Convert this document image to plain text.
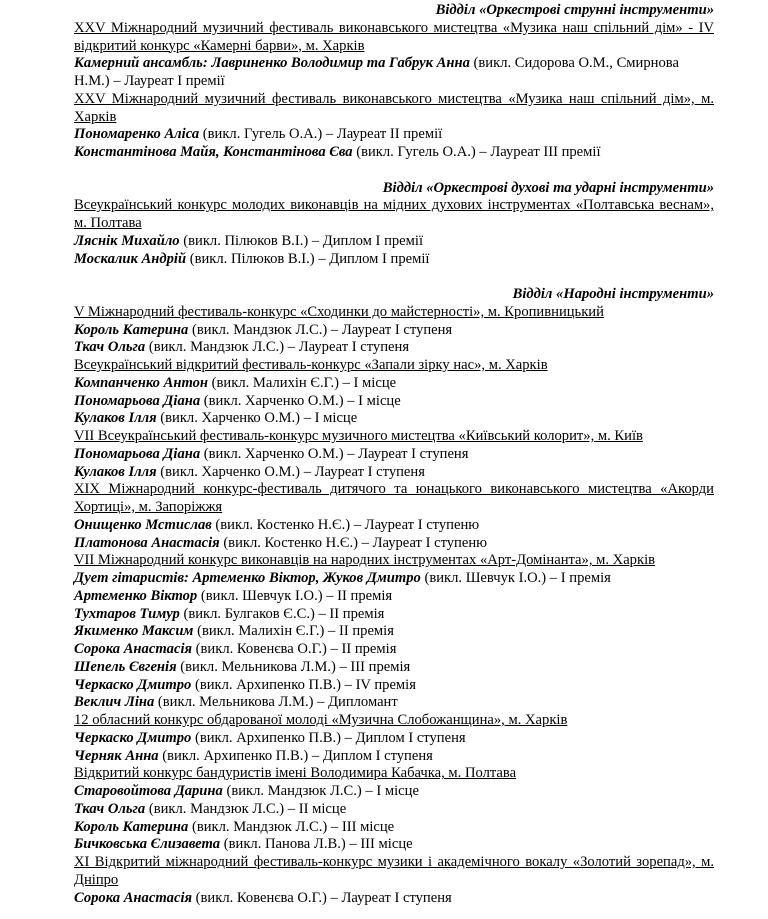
Відділ «Оркестрові струнні інструменти»

XXV Міжнародний музичний фестиваль виконавського мистецтва «Музика наш спільний дім» - IV відкритий конкурс «Камерні барви», м. Харків

Камерний ансамбль: Лавриненко Володимир та Габрук Анна (викл. Сидорова О.М., Смирнова Н.М.) – Лауреат І премії

XXV Міжнародний музичний фестиваль виконавського мистецтва «Музика наш спільний дім», м. Харків

Пономаренко Аліса (викл. Гугель О.А.) – Лауреат ІІ премії

Константінова Майя, Константінова Єва (викл. Гугель О.А.) – Лауреат ІІІ премії

Відділ «Оркестрові духові та ударні інструменти»

Всеукраїнський конкурс молодих виконавців на мідних духових інструментах «Полтавська веснам», м. Полтава

Ляснік Михайло (викл. Пілюков В.І.) – Диплом І премії

Москалик Андрій (викл. Пілюков В.І.) – Диплом І премії

Відділ «Народні інструменти»

V Міжнародний фестиваль-конкурс «Сходинки до майстерності», м. Кропивницький

Король Катерина (викл. Мандзюк Л.С.) – Лауреат І ступеня

Ткач Ольга (викл. Мандзюк Л.С.) – Лауреат І ступеня

Всеукраїнський відкритий фестиваль-конкурс «Запали зірку нас», м. Харків

Компанченко Антон (викл. Малихін Є.Г.) – І місце

Пономарьова Діана (викл. Харченко О.М.) – І місце

Кулаков Ілля (викл. Харченко О.М.) – І місце

VII Всеукраїнський фестиваль-конкурс музичного мистецтва «Київський колорит», м. Київ

Пономарьова Діана (викл. Харченко О.М.) – Лауреат І ступеня

Кулаков Ілля (викл. Харченко О.М.) – Лауреат І ступеня

XIX Міжнародний конкурс-фестиваль дитячого та юнацького виконавського мистецтва «Акорди Хортиці», м. Запоріжжя

Онищенко Мстислав (викл. Костенко Н.Є.) – Лауреат І ступеню

Платонова Анастасія (викл. Костенко Н.Є.) – Лауреат І ступеню

VII Міжнародний конкурс виконавців на народних інструментах «Арт-Домінанта», м. Харків

Дует гітаристів: Артеменко Віктор, Жуков Дмитро (викл. Шевчук І.О.) – І премія

Артеменко Віктор (викл. Шевчук І.О.) – ІІ премія

Тухтаров Тимур (викл. Булгаков Є.С.) – ІІ премія

Якименко Максим (викл. Малихін Є.Г.) – ІІ премія

Сорока Анастасія (викл. Ковенєва О.Г.) – ІІ премія

Шепель Євгенія (викл. Мельникова Л.М.) – ІІІ премія

Черкаско Дмитро (викл. Архипенко П.В.) – IV премія

Веклич Ліна (викл. Мельникова Л.М.) – Дипломант

12 обласний конкурс обдарованої молоді «Музична Слобожанщина», м. Харків

Черкаско Дмитро (викл. Архипенко П.В.) – Диплом І ступеня

Черняк Анна (викл. Архипенко П.В.) – Диплом І ступеня

Відкритий конкурс бандуристів імені Володимира Кабачка, м. Полтава

Старовойтова Дарина (викл. Мандзюк Л.С.) – І місце

Ткач Ольга (викл. Мандзюк Л.С.) – ІІ місце

Король Катерина (викл. Мандзюк Л.С.) – ІІІ місце

Бичковська Єлизавета (викл. Панова Л.В.) – ІІІ місце

XI Відкритий міжнародний фестиваль-конкурс музики і академічного вокалу «Золотий зорепад», м. Дніпро

Сорока Анастасія (викл. Ковенєва О.Г.) – Лауреат І ступеня
